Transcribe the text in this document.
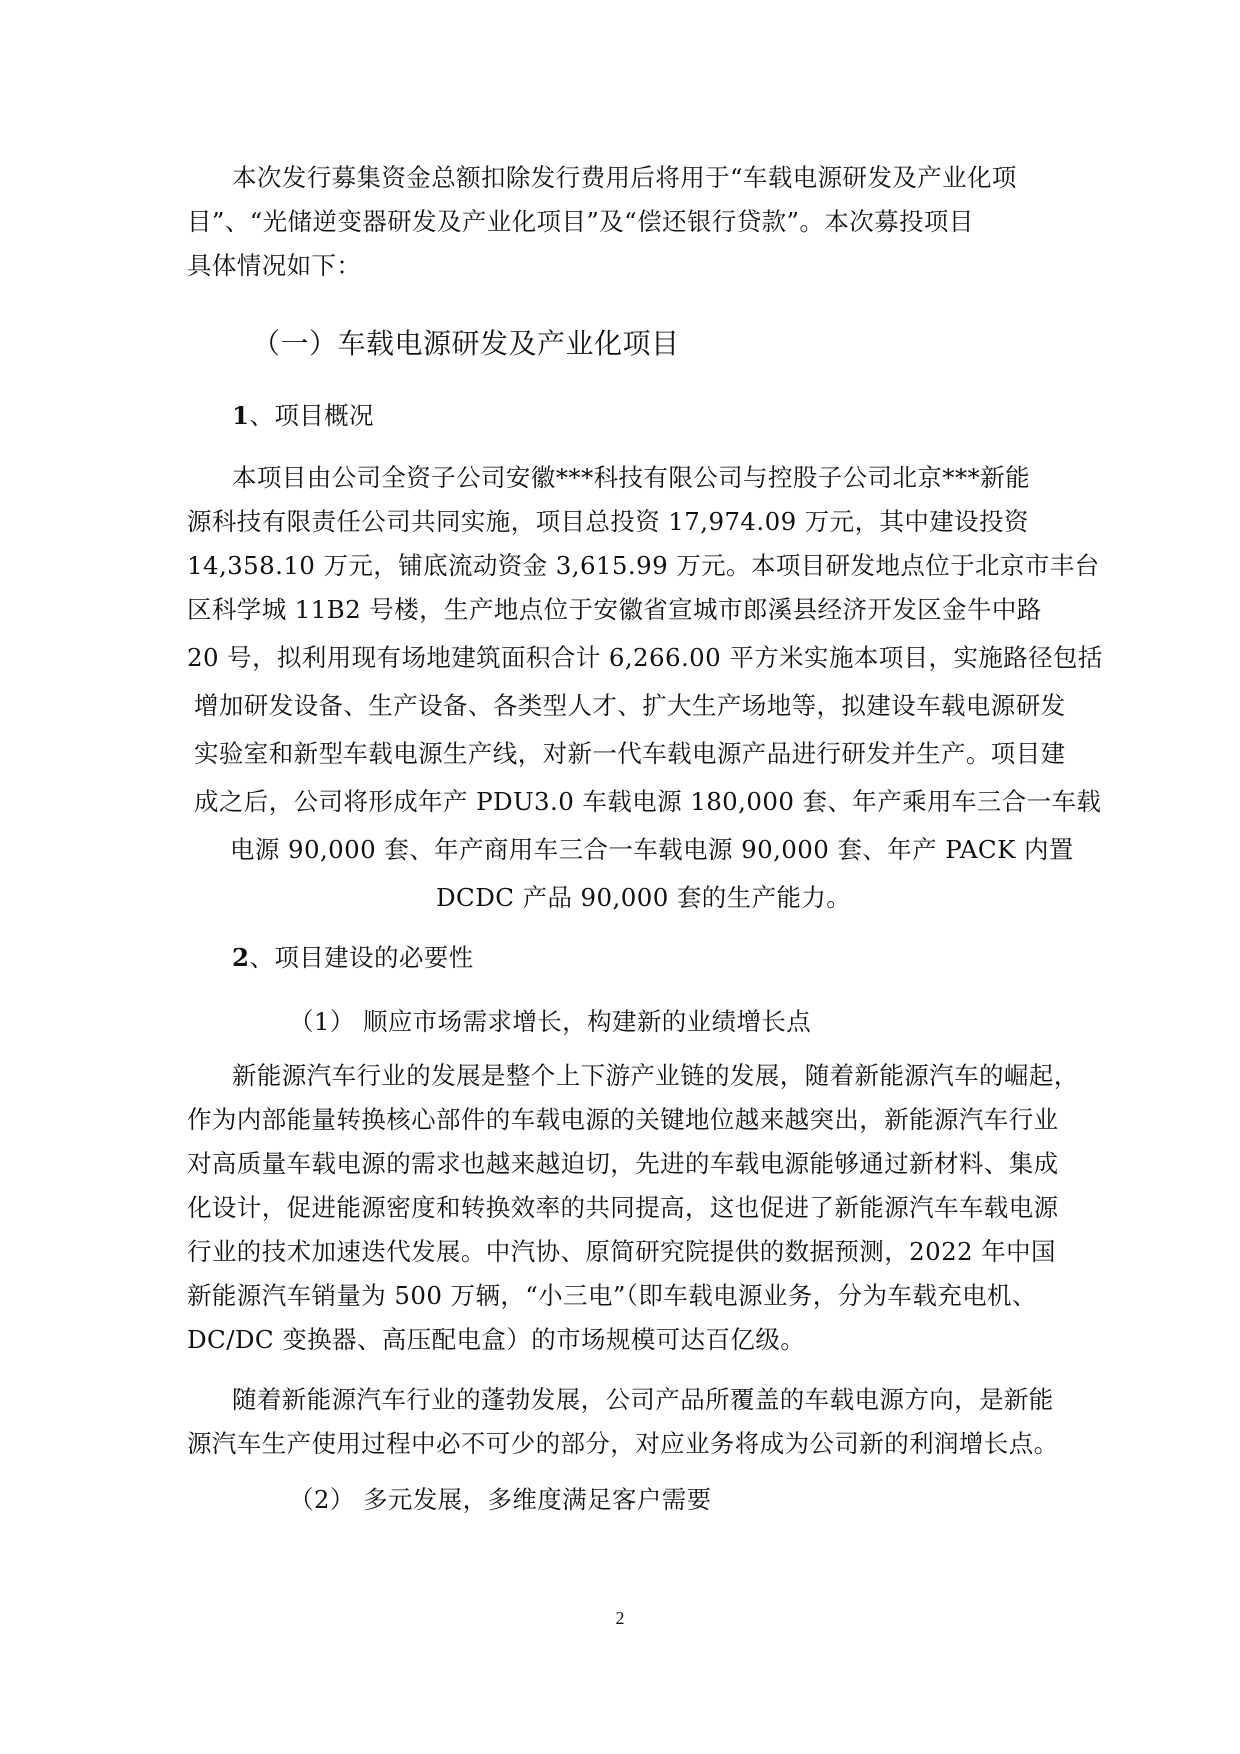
本次发行募集资金总额扣除发行费用后将用于“车载电源研发及产业化项
目”、“光储逆变器研发及产业化项目”及“偿还银行贷款”。本次募投项目
具体情况如下：
（一）车载电源研发及产业化项目
1、项目概况
本项目由公司全资子公司安徽***科技有限公司与控股子公司北京***新能
源科技有限责任公司共同实施，项目总投资 17,974.09 万元，其中建设投资
14,358.10 万元，铺底流动资金 3,615.99 万元。本项目研发地点位于北京市丰台
区科学城 11B2 号楼，生产地点位于安徽省宣城市郎溪县经济开发区金牛中路
20 号，拟利用现有场地建筑面积合计 6,266.00 平方米实施本项目，实施路径包括
增加研发设备、生产设备、各类型人才、扩大生产场地等，拟建设车载电源研发
实验室和新型车载电源生产线，对新一代车载电源产品进行研发并生产。项目建
成之后，公司将形成年产 PDU3.0 车载电源 180,000 套、年产乘用车三合一车载
电源 90,000 套、年产商用车三合一车载电源 90,000 套、年产 PACK 内置
DCDC 产品 90,000 套的生产能力。
2、项目建设的必要性
（1） 顺应市场需求增长，构建新的业绩增长点
新能源汽车行业的发展是整个上下游产业链的发展，随着新能源汽车的崛起，
作为内部能量转换核心部件的车载电源的关键地位越来越突出，新能源汽车行业
对高质量车载电源的需求也越来越迫切，先进的车载电源能够通过新材料、集成
化设计，促进能源密度和转换效率的共同提高，这也促进了新能源汽车车载电源
行业的技术加速迭代发展。中汽协、原简研究院提供的数据预测，2022 年中国
新能源汽车销量为 500 万辆，“小三电”（即车载电源业务，分为车载充电机、
DC/DC 变换器、高压配电盒）的市场规模可达百亿级。
随着新能源汽车行业的蓬勃发展，公司产品所覆盖的车载电源方向，是新能
源汽车生产使用过程中必不可少的部分，对应业务将成为公司新的利润增长点。
（2） 多元发展，多维度满足客户需要
2
